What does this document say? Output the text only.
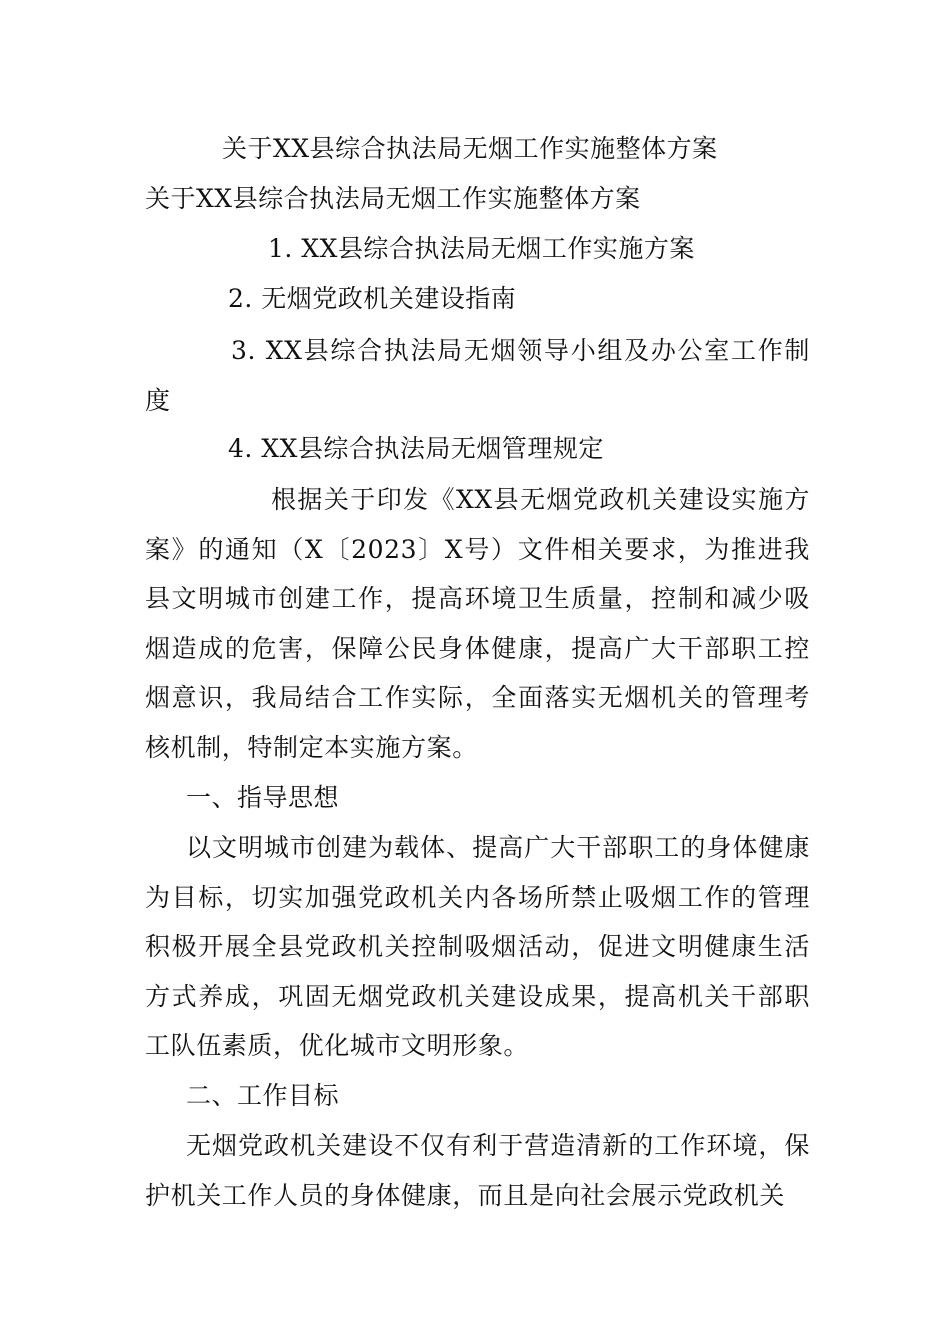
关于XX县综合执法局无烟工作实施整体方案
关于XX县综合执法局无烟工作实施整体方案
1. XX县综合执法局无烟工作实施方案
2. 无烟党政机关建设指南
3. XX县综合执法局无烟领导小组及办公室工作制度
4. XX县综合执法局无烟管理规定
根据关于印发《XX县无烟党政机关建设实施方案》的通知（X〔2023〕X号）文件相关要求，为推进我县文明城市创建工作，提高环境卫生质量，控制和减少吸烟造成的危害，保障公民身体健康，提高广大干部职工控烟意识，我局结合工作实际，全面落实无烟机关的管理考核机制，特制定本实施方案。
一、指导思想
以文明城市创建为载体、提高广大干部职工的身体健康为目标，切实加强党政机关内各场所禁止吸烟工作的管理积极开展全县党政机关控制吸烟活动，促进文明健康生活方式养成，巩固无烟党政机关建设成果，提高机关干部职工队伍素质，优化城市文明形象。
二、工作目标
无烟党政机关建设不仅有利于营造清新的工作环境，保护机关工作人员的身体健康，而且是向社会展示党政机关
